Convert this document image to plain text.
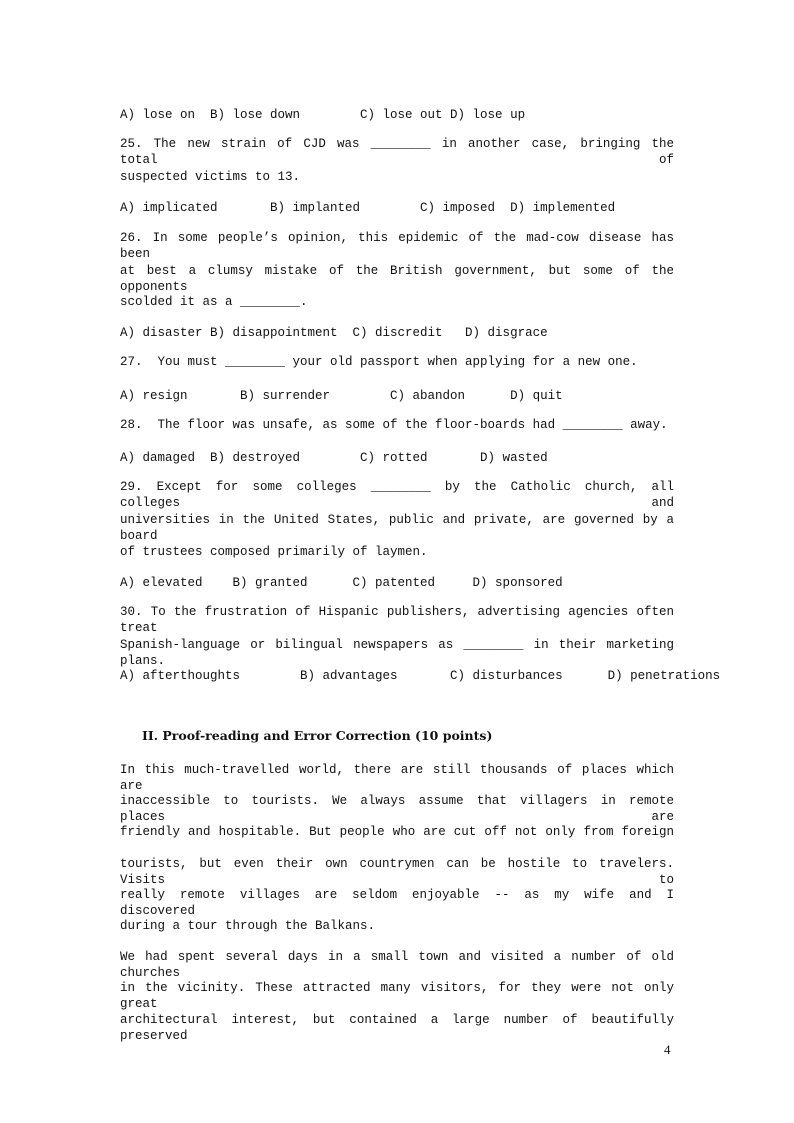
A) lose on  B) lose down        C) lose out D) lose up
25. The new strain of CJD was ________ in another case, bringing the total of
suspected victims to 13.
A) implicated       B) implanted        C) imposed  D) implemented
26. In some people’s opinion, this epidemic of the mad-cow disease has been
at best a clumsy mistake of the British government, but some of the opponents
scolded it as a ________.
A) disaster B) disappointment  C) discredit   D) disgrace
27.  You must ________ your old passport when applying for a new one.
A) resign       B) surrender        C) abandon      D) quit
28.  The floor was unsafe, as some of the floor-boards had ________ away.
A) damaged  B) destroyed        C) rotted       D) wasted
29. Except for some colleges ________ by the Catholic church, all colleges and
universities in the United States, public and private, are governed by a board
of trustees composed primarily of laymen.
A) elevated    B) granted      C) patented     D) sponsored
30. To the frustration of Hispanic publishers, advertising agencies often treat
Spanish-language or bilingual newspapers as ________ in their marketing plans.
A) afterthoughts        B) advantages       C) disturbances      D) penetrations
II. Proof-reading and Error Correction (10 points)
In this much-travelled world, there are still thousands of places which are
inaccessible to tourists. We always assume that villagers in remote places are
friendly and hospitable. But people who are cut off not only from foreign
tourists, but even their own countrymen can be hostile to travelers. Visits to
really remote villages are seldom enjoyable -- as my wife and I discovered
during a tour through the Balkans.
We had spent several days in a small town and visited a number of old churches
in the vicinity. These attracted many visitors, for they were not only great
architectural interest, but contained a large number of beautifully preserved
4
